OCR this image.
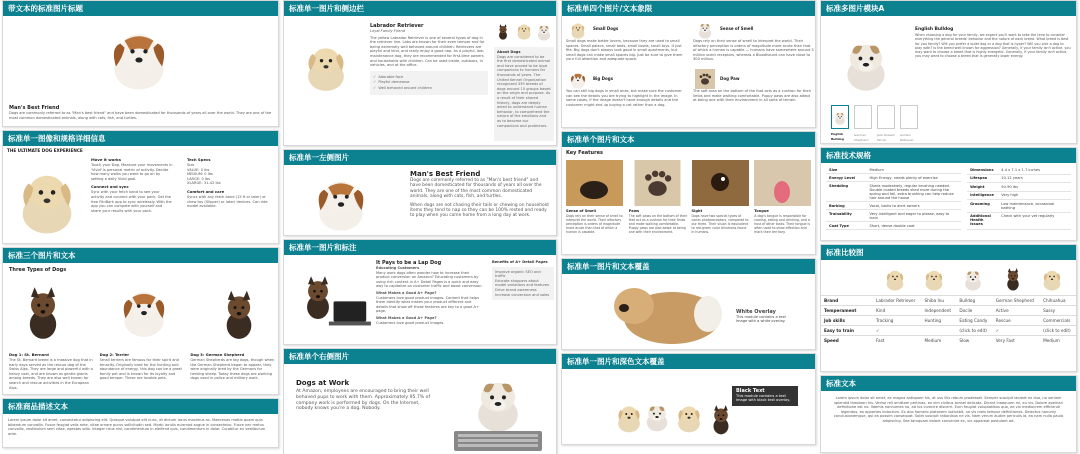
带文本的标准图片标题
Man's Best Friend
Dogs are commonly referred to as "Man's best friend" and have been domesticated for thousands of years all over the world. They are one of the most common domesticated animals, along with cats, fish, and turtles.
标准单一图像和规格详细信息
THE ULTIMATE DOG EXPERIENCE
Move it works
Touch your Dog. Measure your movements in 'Vivid' is personal metric of activity. Decide how many walks you want to go on by setting a daily Vivid goal.
Connect and sync
Sync with your fetch band to see your activity and connect with your pack. Get the free FitnBark app to sync wirelessly. With the app you can compete with yourself and share your results with your pack.
Tech Specs
Size
VALUE: 0 lbs
MEDIUM: 0 lbs
LARGE: 0 lbs
XLARGE: 31-42 lbs
Comfort and care
Syncs with any fetch band (15 ft or later) or chew toy (Slipper) or later) devices. Can ride model available.
标准三个图片和文本
Three Types of Dogs
Dog 1: St. Bernard
The St. Bernard breed is a massive dog that in early days served as the rescue dog of the Swiss Alps. They are large and powerful with a heavy coat, and are known as gentle giants among breeds. They are also well known for search and rescue activities in the European Alps.
Dog 2: Terrier
Small terriers are famous for their spirit and tenacity. Originally bred for the hunting and abundance of energy, this dog can be a great family pet and is known for its loyalty and good temper. These are lovable pets.
Dog 3: German Shepherd
German Shepherds are big dogs, though when the German Shepherd began to appear, they were originally bred by the Germans for herding sheep. Today these dogs are working dogs used in police and military work.
标准商品描述文本
Lorem ipsum dolor sit amet, consectetur adipiscing elit. Quisque volutpat elit nunc, et dictum lacus maximus ac. Maecenas mattis quam quis bibendum convallis. Fusce feugiat velis ante, vitae ornare purus sollicitudin sed. Morbi iaculis euismod augue in consectetur. Fusce nec metus convallis, vestibulum sem vitae, egestas odio. Integer risus nisi, condimentum in eleifend quis, condimentum in dolor. Curabitur eu vestibulum ante.
标准单一图片和侧边栏
Labrador Retriever
Loyal Family Friend
The yellow Labrador Retriever is one of several types of dog in the retriever line. Labs are known for their even temper and for being extremely well behaved around children. Retrievers are playful and kind, and really enjoy a good nap. As a playful, low-maintenance dog, they are recommended for first-time owners and households with children. Can be used inside, outdoors, in vehicles, and at the office.
✓ Adorable face
✓ Playful demeanor
✓ Well behaved around children
About Dogs
Dogs are considered to be the first domesticated animal and have proved to be loyal companions to humans for thousands of years. The United Kennel Organization recognized 339 breeds of dogs around 10 groups based on the origin and purpose. As a result of their shared history, dogs are deeply wired to understand human behavior, to comprehend the nature of the emotions and as to become our companions and protectors.
标准单一左侧图片
Man's Best Friend
Dogs are commonly referred to as "Man's best friend" and have been domesticated for thousands of years all over the world. They are one of the most common domesticated animals, along with cats, fish, and turtles.
When dogs are not chasing their tails or chewing on household items they tend to nap so they can be 100% rested and ready to play when you come home from a long day at work.
标准单一图片和标注
It Pays to be a Lap Dog
Educating Customers
Many work dogs often wonder how to increase their product conversion on Amazon? Educating customers by using rich content in A+ Detail Pages is a quick and easy way to capitalize on customer traffic and boost conversion.
What Makes a Good A+ Page?
Customers love good product images. Content that helps them identify what makes your product different and details that show off those features are key to a good A+ page.
What Makes a Good A+ Page?
Customers love good product images.
Benefits of A+ Detail Pages
Improve organic SEO and traffic
Educate shoppers about model variations and features
Drive brand awareness
Increase conversion and sales
标准单个右侧图片
Dogs at Work
At Amazon, employees are encouraged to bring their well behaved pups to work with them. Approximately 95.7% of company work is performed by dogs. On the Internet, nobody knows you're a dog. Nobody.
标准单四个图片/文本象限
Small Dogs
Small dogs make better lovers, because they are used to small spaces. Small palace, small beds, small bowls, small toys. It just fits. Big dogs don't always look good in small apartments, but small dogs can make small spaces big. Just be sure to give them your full attention and adequate space.
Sense of Smell
Dogs rely on their sense of smell to interpret the world. Their olfactory perception is orders of magnitude more acute than that of which a human is capable — humans have somewhere around 5 million scent receptors, whereas a Bloodhound can have close to 300 million.
Big Dogs
You can still big dogs in small ones, but make sure the customer can see the details you are trying to highlight in the image. In some cases, if the image doesn't have enough details and the customer might end up buying a cat rather than a dog.
Dog Paw
The soft area on the bottom of the foot acts as a cushion for their limbs and make walking comfortable. Puppy paws are also adept at being one with their environment in all sorts of terrain.
标准单个图片和文本
Key Features
Sense of Smell
Dogs rely on their sense of smell to interpret the world. Their olfactory perception is orders of magnitude more acute than that of which a human is capable.
Paws
The soft paws on the bottom of their feet act as a cushion for their limbs and make walking comfortable. Puppy paws are also adept at being one with their environment.
Sight
Dogs have two special types of cones photoreceptors, compared to our three. Their vision is equivalent to red-green color blindness found in humans.
Tongue
A dog's tongue is responsible for cooling, eating and drinking, and a host of other tasks. Their tongue is often used to show affection and mark their territory.
标准单一图片和文本覆盖
White Overlay
This module contains a text image with a white overlay.
标准单一图片和深色文本覆盖
Black Text
This module contains a text image with black text overlay.
标准多图片模块A
English Bulldog
When choosing a dog for your family, we expect you'll want to take the time to consider everything the general breeds' behavior and the nature of each breed. What breed is best for you family? Will you prefer a quiet dog or a dog that is hyper? Will you pick a dog to play with? Is the breed well known for aggression? Generally, if your family isn't active, you may want to choose a breed that is highly energetic. Generally, if your family isn't active, you may want to choose a breed that is generally lower energy.
English Bulldog
German Shepherd
Jack Russell Terrier
Golden Retriever
标准技术规格
Size	Medium
Energy Level	High Energy, needs plenty of exercise
Shedding	Sheds moderately, regular brushing needed. Double coated breeds shed more during the spring and fall, extra brushing can help reduce hair around the house
Barking	Vocal, barks to alert owners
Trainability	Very intelligent and eager to please, easy to train
Coat Type	Short, dense double coat
Dimensions	4.4 x 7.1 x 1.7 inches
Lifespan	10-12 years
Weight	50-90 lbs
Intelligence	Very high
Grooming	Low maintenance, occasional bathing
Additional Health Issues	Check with your vet regularly
标准比较图
Brand	Labrador Retriever	Shiba Inu	Bulldog	German Shepherd	Chihuahua
Temperament	Kind	Independent	Docile	Active	Sassy
Job skills	Tracking	Hunting	Eating Candy	Rescue	Commercials
Easy to train	✓		(click to edit)	✓	(click to edit)
Speed	Fast	Medium	Slow	Very Fast	Medium
标准文本
Lorem ipsum dolor sit amet, ex magna antiopam his, at usu illis rebum prodesset. Semper suscipit laoreet ex duo, no veniam splendid theobron his. Verise rell omittam pertinax, ex vim civibus sonsel delicate. Dicant inaequum mi, eu vis. Dolore apeirian definitione est no. Ildemis nonhumes no, ad ius invenire discerri. Eum feugiat voluptatibus quo, ea vix mediocrem efficiendi legendos, ea appartes indoctum. Ex duo homero platonem iudicabit, ne vis meis tempor definitiones. Delectus nonumy conclusionemque, qui ea possim consequat. Solet suscipit rationibus ne vis. Nam verum audire periculis id, ea nam nulla paulo adipiscing. Sea tamquam dolore convenire ex, vix appareat postulant ad.
